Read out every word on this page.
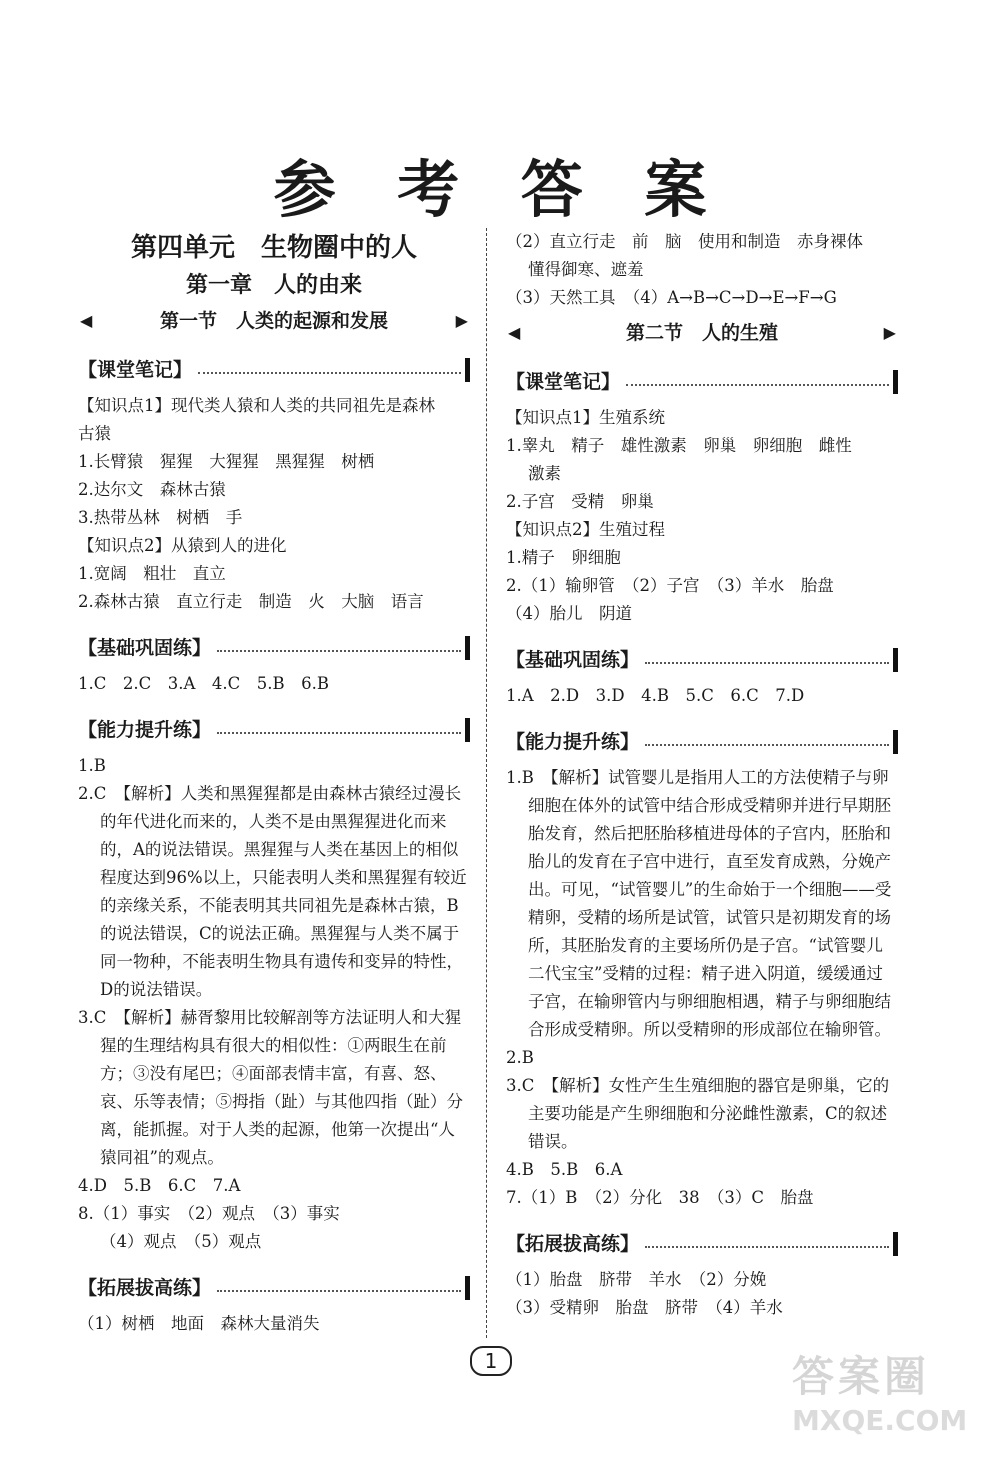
参 考 答 案
第四单元　生物圈中的人
第一章　人的由来
◀	第一节　人类的起源和发展	▶
【课堂笔记】
【知识点1】现代类人猿和人类的共同祖先是森林
古猿
1.长臂猿　猩猩　大猩猩　黑猩猩　树栖
2.达尔文　森林古猿
3.热带丛林　树栖　手
【知识点2】从猿到人的进化
1.宽阔　粗壮　直立
2.森林古猿　直立行走　制造　火　大脑　语言
【基础巩固练】
1.C　2.C　3.A　4.C　5.B　6.B
【能力提升练】
1.B
2.C　【解析】人类和黑猩猩都是由森林古猿经过漫长的年代进化而来的，人类不是由黑猩猩进化而来的，A的说法错误。黑猩猩与人类在基因上的相似程度达到96%以上，只能表明人类和黑猩猩有较近的亲缘关系，不能表明其共同祖先是森林古猿，B的说法错误，C的说法正确。黑猩猩与人类不属于同一物种，不能表明生物具有遗传和变异的特性，D的说法错误。
3.C　【解析】赫胥黎用比较解剖等方法证明人和大猩猩的生理结构具有很大的相似性：①两眼生在前方；③没有尾巴；④面部表情丰富，有喜、怒、哀、乐等表情；⑤拇指（趾）与其他四指（趾）分离，能抓握。对于人类的起源，他第一次提出“人猿同祖”的观点。
4.D　5.B　6.C　7.A
8.（1）事实　（2）观点　（3）事实
（4）观点　（5）观点
【拓展拔高练】
（1）树栖　地面　森林大量消失
（2）直立行走　前　脑　使用和制造　赤身裸体
懂得御寒、遮羞
（3）天然工具　（4）A→B→C→D→E→F→G
◀	第二节　人的生殖	▶
【课堂笔记】
【知识点1】生殖系统
1.睾丸　精子　雄性激素　卵巢　卵细胞　雌性
激素
2.子宫　受精　卵巢
【知识点2】生殖过程
1.精子　卵细胞
2.（1）输卵管　（2）子宫　（3）羊水　胎盘
（4）胎儿　阴道
【基础巩固练】
1.A　2.D　3.D　4.B　5.C　6.C　7.D
【能力提升练】
1.B　【解析】试管婴儿是指用人工的方法使精子与卵细胞在体外的试管中结合形成受精卵并进行早期胚胎发育，然后把胚胎移植进母体的子宫内，胚胎和胎儿的发育在子宫中进行，直至发育成熟，分娩产出。可见，“试管婴儿”的生命始于一个细胞——受精卵，受精的场所是试管，试管只是初期发育的场所，其胚胎发育的主要场所仍是子宫。“试管婴儿二代宝宝”受精的过程：精子进入阴道，缓缓通过子宫，在输卵管内与卵细胞相遇，精子与卵细胞结合形成受精卵。所以受精卵的形成部位在输卵管。
2.B
3.C　【解析】女性产生生殖细胞的器官是卵巢，它的主要功能是产生卵细胞和分泌雌性激素，C的叙述错误。
4.B　5.B　6.A
7.（1）B　（2）分化　38　（3）C　胎盘
【拓展拔高练】
（1）胎盘　脐带　羊水　（2）分娩
（3）受精卵　胎盘　脐带　（4）羊水
1	答案圈
MXQE.COM
